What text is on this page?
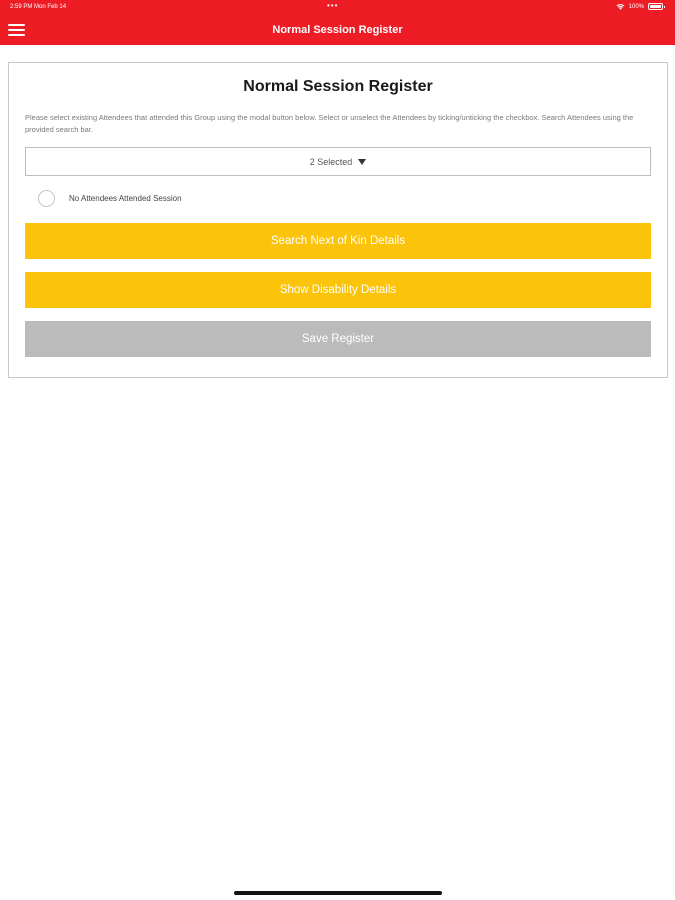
2:59 PM Mon Feb 14	•••	100%
Normal Session Register
Normal Session Register
Please select existing Attendees that attended this Group using the modal button below. Select or unselect the Attendees by ticking/unticking the checkbox. Search Attendees using the provided search bar.
2 Selected
No Attendees Attended Session
Search Next of Kin Details
Show Disability Details
Save Register
